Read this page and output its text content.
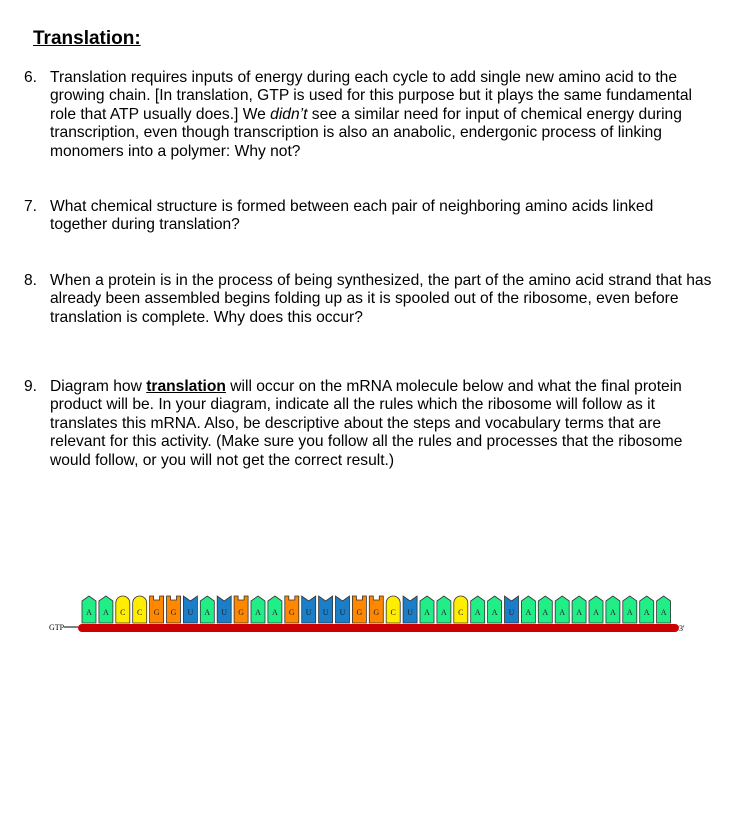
Translation:
6. Translation requires inputs of energy during each cycle to add single new amino acid to the growing chain. [In translation, GTP is used for this purpose but it plays the same fundamental role that ATP usually does.] We didn’t see a similar need for input of chemical energy during transcription, even though transcription is also an anabolic, endergonic process of linking monomers into a polymer: Why not?
7. What chemical structure is formed between each pair of neighboring amino acids linked together during translation?
8. When a protein is in the process of being synthesized, the part of the amino acid strand that has already been assembled begins folding up as it is spooled out of the ribosome, even before translation is complete. Why does this occur?
9. Diagram how translation will occur on the mRNA molecule below and what the final protein product will be. In your diagram, indicate all the rules which the ribosome will follow as it translates this mRNA. Also, be descriptive about the steps and vocabulary terms that are relevant for this activity. (Make sure you follow all the rules and processes that the ribosome would follow, or you will not get the correct result.)
GTP
A A C C G G U A U G A A G U U U G G C U A A C A A U A A A A A A A A A
3'
